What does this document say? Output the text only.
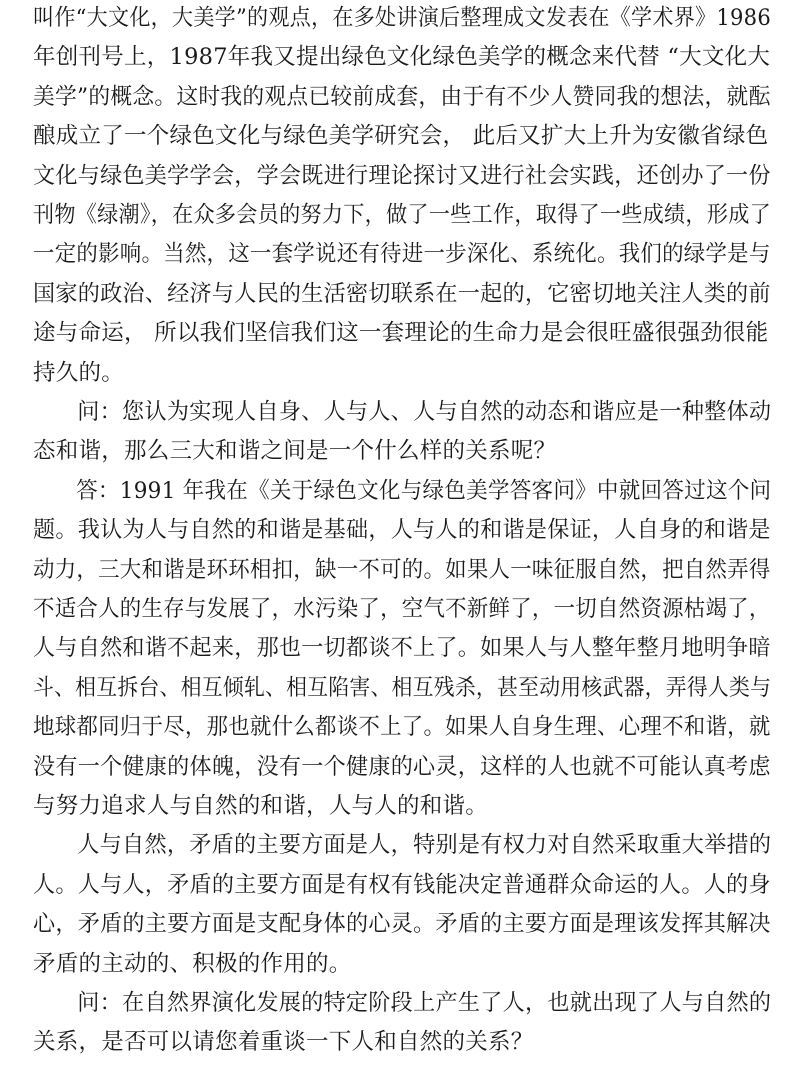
叫作“大文化，大美学”的观点，在多处讲演后整理成文发表在《学术界》1986
年创刊号上，1987年我又提出绿色文化绿色美学的概念来代替 “大文化大
美学”的概念。这时我的观点已较前成套，由于有不少人赞同我的想法，就酝
酿成立了一个绿色文化与绿色美学研究会， 此后又扩大上升为安徽省绿色
文化与绿色美学学会，学会既进行理论探讨又进行社会实践，还创办了一份
刊物《绿潮》，在众多会员的努力下，做了一些工作，取得了一些成绩，形成了
一定的影响。当然，这一套学说还有待进一步深化、系统化。我们的绿学是与
国家的政治、经济与人民的生活密切联系在一起的，它密切地关注人类的前
途与命运， 所以我们坚信我们这一套理论的生命力是会很旺盛很强劲很能
持久的。
问：您认为实现人自身、人与人、人与自然的动态和谐应是一种整体动
态和谐，那么三大和谐之间是一个什么样的关系呢？
答：1991 年我在《关于绿色文化与绿色美学答客问》中就回答过这个问
题。我认为人与自然的和谐是基础，人与人的和谐是保证，人自身的和谐是
动力，三大和谐是环环相扣，缺一不可的。如果人一味征服自然，把自然弄得
不适合人的生存与发展了，水污染了，空气不新鲜了，一切自然资源枯竭了，
人与自然和谐不起来，那也一切都谈不上了。如果人与人整年整月地明争暗
斗、相互拆台、相互倾轧、相互陷害、相互残杀，甚至动用核武器，弄得人类与
地球都同归于尽，那也就什么都谈不上了。如果人自身生理、心理不和谐，就
没有一个健康的体魄，没有一个健康的心灵，这样的人也就不可能认真考虑
与努力追求人与自然的和谐，人与人的和谐。
人与自然，矛盾的主要方面是人，特别是有权力对自然采取重大举措的
人。人与人，矛盾的主要方面是有权有钱能决定普通群众命运的人。人的身
心，矛盾的主要方面是支配身体的心灵。矛盾的主要方面是理该发挥其解决
矛盾的主动的、积极的作用的。
问：在自然界演化发展的特定阶段上产生了人，也就出现了人与自然的
关系，是否可以请您着重谈一下人和自然的关系？
